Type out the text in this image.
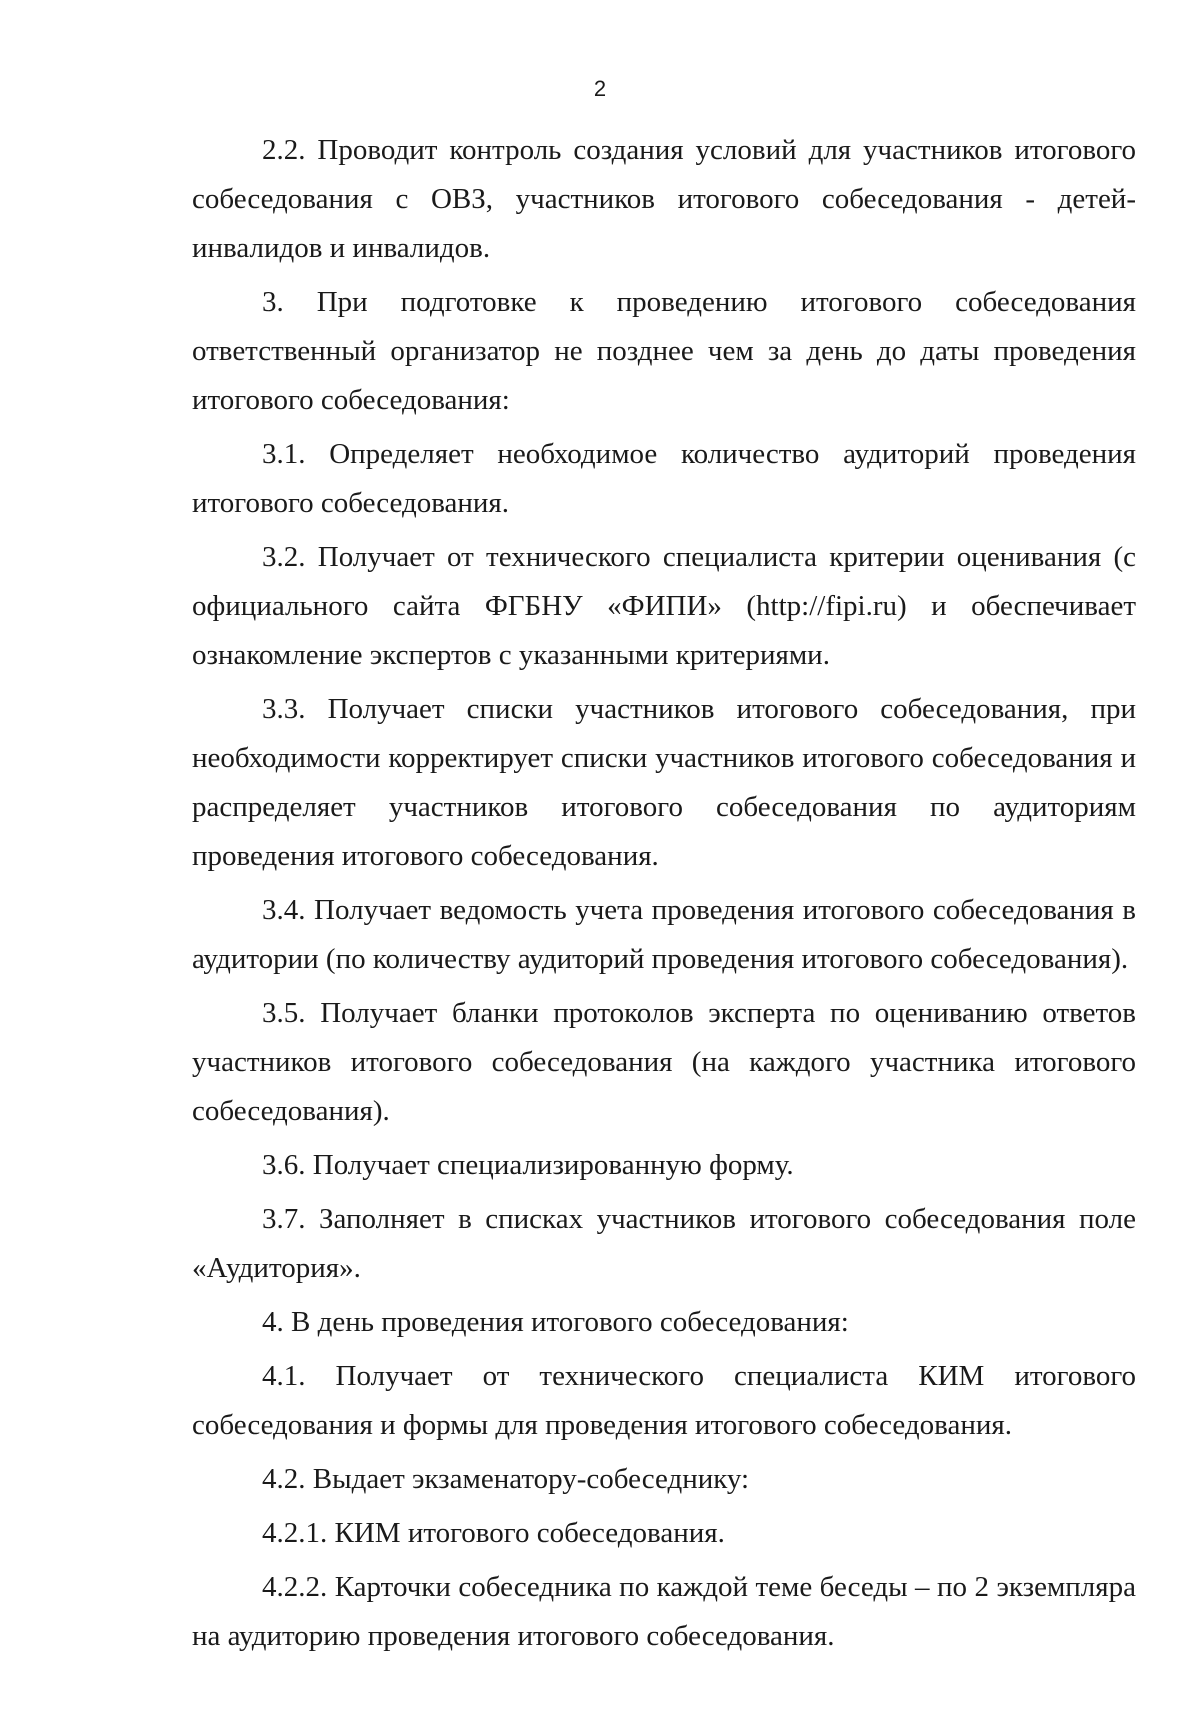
2

2.2. Проводит контроль создания условий для участников итогового собеседования с ОВЗ, участников итогового собеседования - детей-инвалидов и инвалидов.

3. При подготовке к проведению итогового собеседования ответственный организатор не позднее чем за день до даты проведения итогового собеседования:

3.1. Определяет необходимое количество аудиторий проведения итогового собеседования.

3.2. Получает от технического специалиста критерии оценивания (с официального сайта ФГБНУ «ФИПИ» (http://fipi.ru) и обеспечивает ознакомление экспертов с указанными критериями.

3.3. Получает списки участников итогового собеседования, при необходимости корректирует списки участников итогового собеседования и распределяет участников итогового собеседования по аудиториям проведения итогового собеседования.

3.4. Получает ведомость учета проведения итогового собеседования в аудитории (по количеству аудиторий проведения итогового собеседования).

3.5. Получает бланки протоколов эксперта по оцениванию ответов участников итогового собеседования (на каждого участника итогового собеседования).

3.6. Получает специализированную форму.

3.7. Заполняет в списках участников итогового собеседования поле «Аудитория».

4. В день проведения итогового собеседования:

4.1. Получает от технического специалиста КИМ итогового собеседования и формы для проведения итогового собеседования.

4.2. Выдает экзаменатору-собеседнику:

4.2.1. КИМ итогового собеседования.

4.2.2. Карточки собеседника по каждой теме беседы – по 2 экземпляра на аудиторию проведения итогового собеседования.
